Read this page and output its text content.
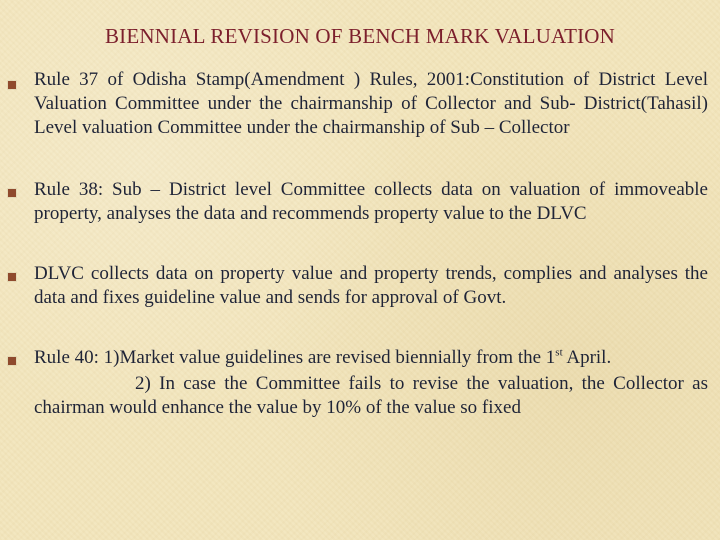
BIENNIAL REVISION OF BENCH MARK VALUATION

Rule 37 of Odisha Stamp(Amendment ) Rules, 2001:Constitution of District Level Valuation Committee under the chairmanship of Collector and Sub- District(Tahasil) Level valuation Committee under the chairmanship of Sub – Collector

Rule 38: Sub – District level Committee collects data on valuation of immoveable property, analyses the data and recommends property value to the DLVC

DLVC collects data on property value and property trends, complies and analyses the data and fixes guideline value and sends for approval of Govt.

Rule 40: 1)Market value guidelines are revised biennially from the 1st April.

2) In case the Committee fails to revise the valuation, the Collector as chairman would enhance the value by 10% of the value so fixed
